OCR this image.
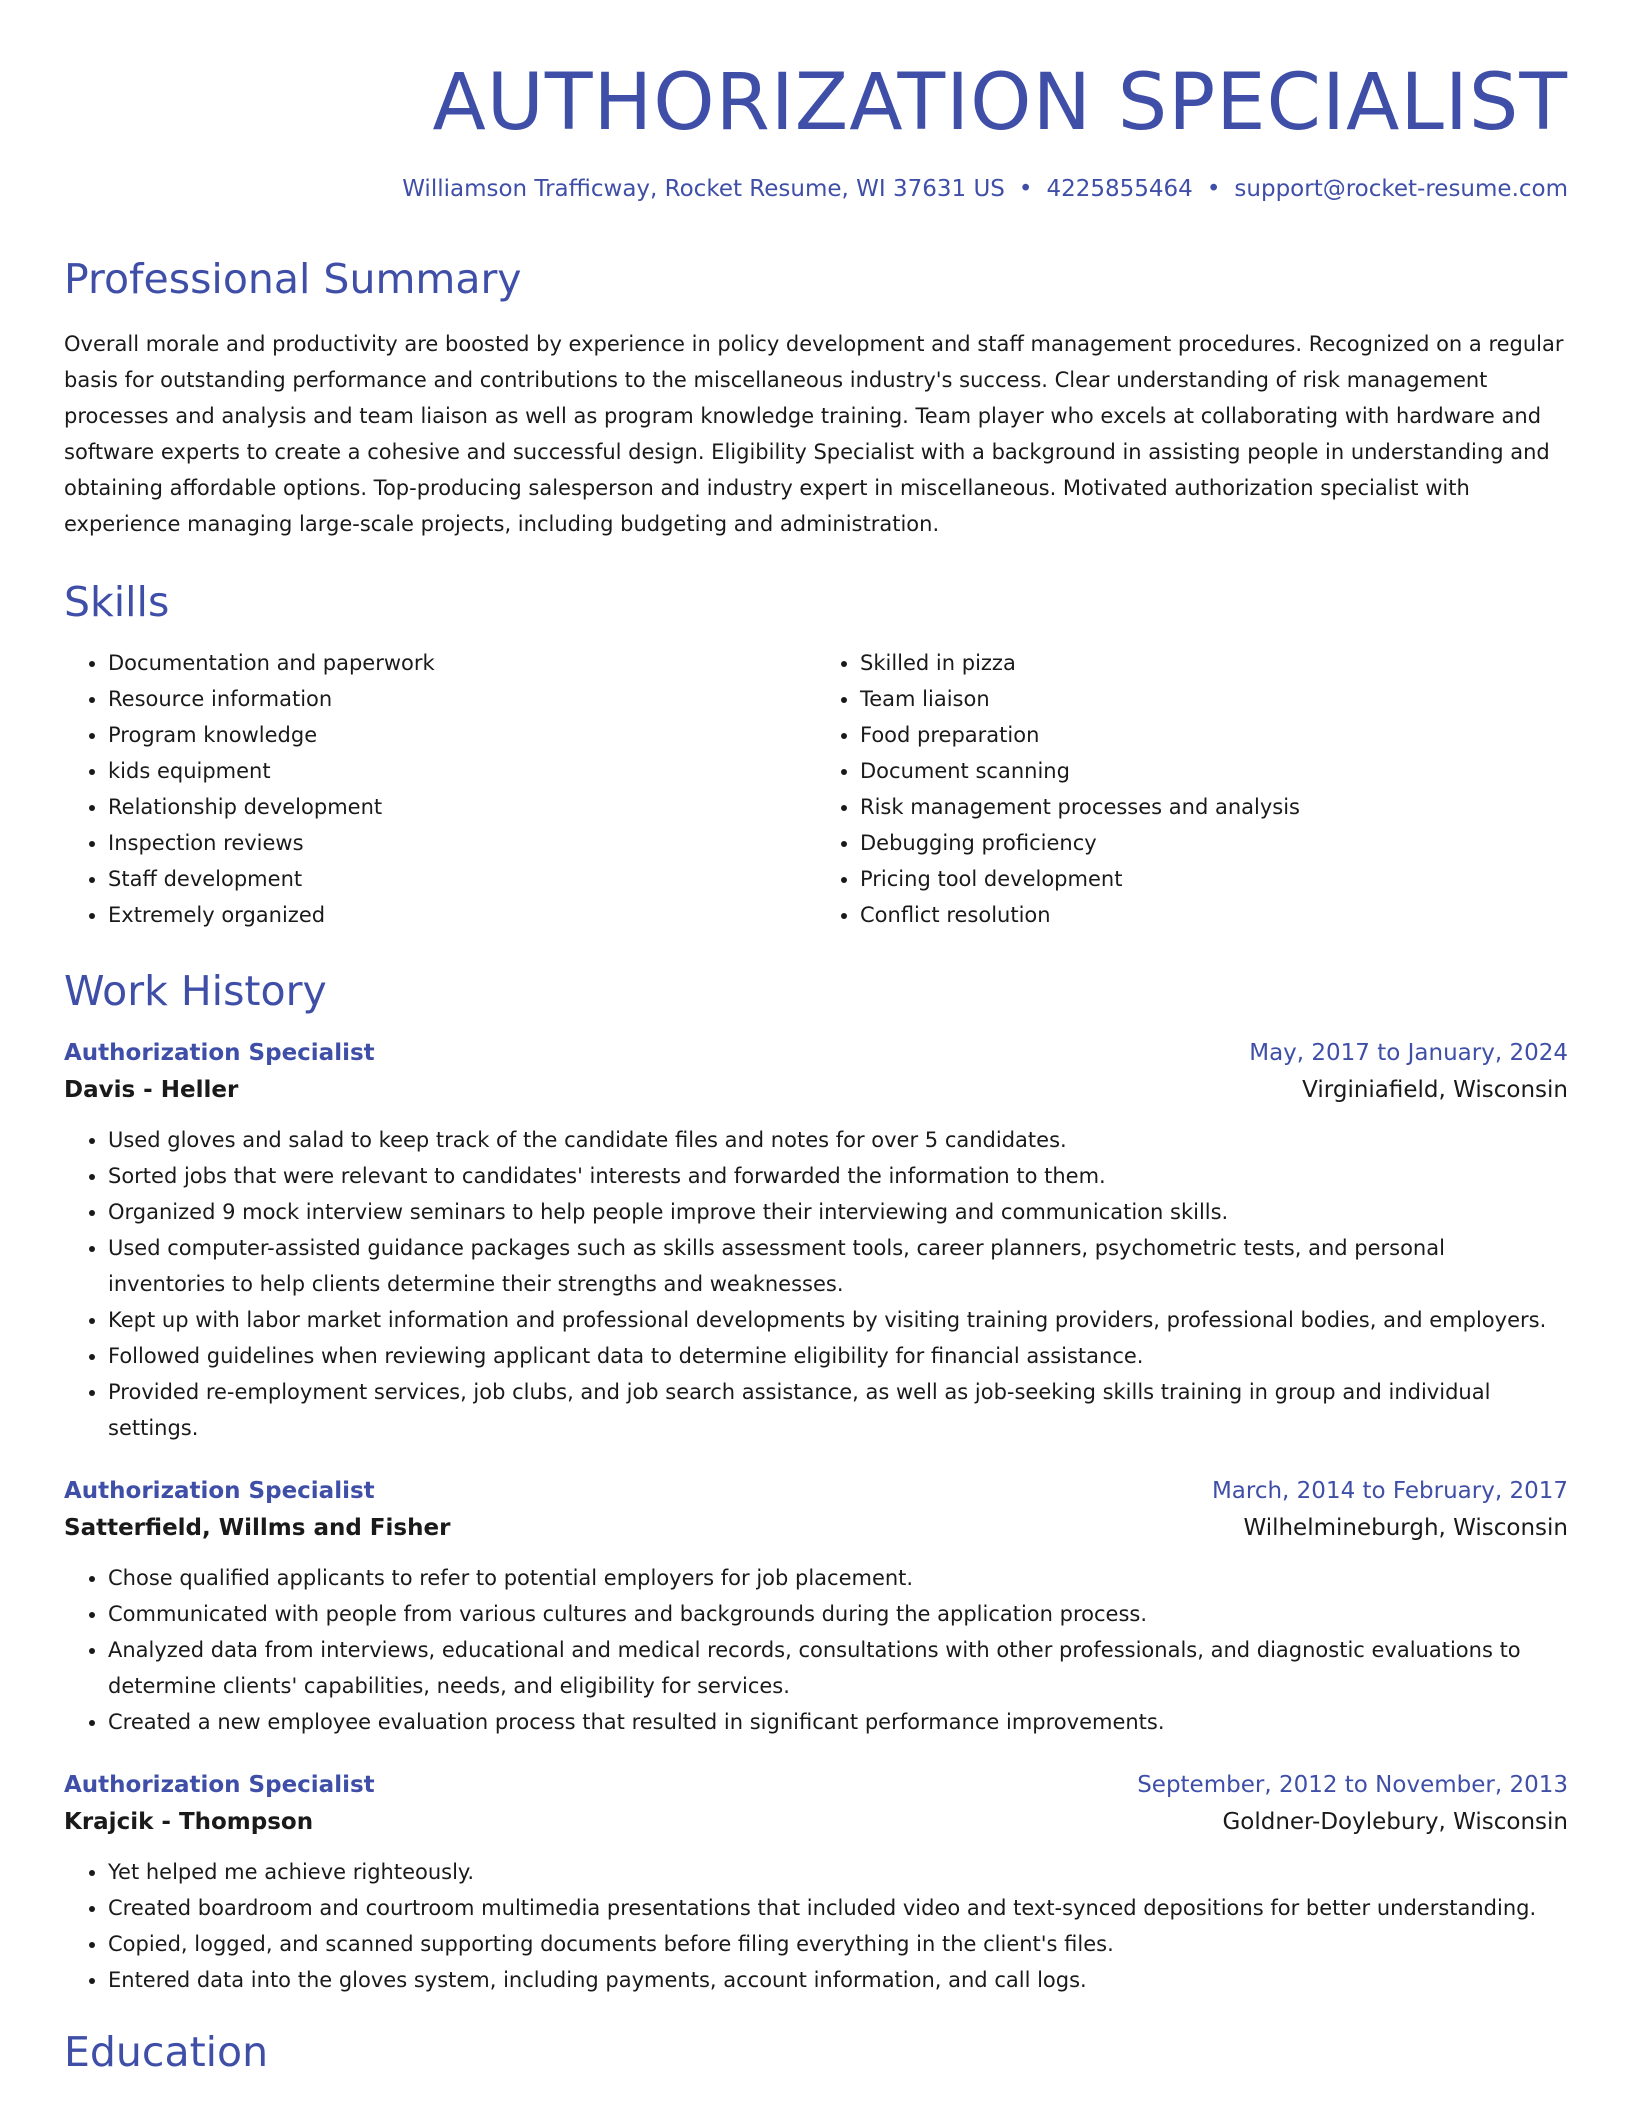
AUTHORIZATION SPECIALIST
Williamson Trafficway, Rocket Resume, WI 37631 US • 4225855464 • support@rocket-resume.com
Professional Summary
Overall morale and productivity are boosted by experience in policy development and staff management procedures. Recognized on a regular basis for outstanding performance and contributions to the miscellaneous industry's success. Clear understanding of risk management processes and analysis and team liaison as well as program knowledge training. Team player who excels at collaborating with hardware and software experts to create a cohesive and successful design. Eligibility Specialist with a background in assisting people in understanding and obtaining affordable options. Top-producing salesperson and industry expert in miscellaneous. Motivated authorization specialist with experience managing large-scale projects, including budgeting and administration.
Skills
• Documentation and paperwork
• Resource information
• Program knowledge
• kids equipment
• Relationship development
• Inspection reviews
• Staff development
• Extremely organized
• Skilled in pizza
• Team liaison
• Food preparation
• Document scanning
• Risk management processes and analysis
• Debugging proficiency
• Pricing tool development
• Conflict resolution
Work History
Authorization Specialist	May, 2017 to January, 2024
Davis - Heller	Virginiafield, Wisconsin
• Used gloves and salad to keep track of the candidate files and notes for over 5 candidates.
• Sorted jobs that were relevant to candidates' interests and forwarded the information to them.
• Organized 9 mock interview seminars to help people improve their interviewing and communication skills.
• Used computer-assisted guidance packages such as skills assessment tools, career planners, psychometric tests, and personal inventories to help clients determine their strengths and weaknesses.
• Kept up with labor market information and professional developments by visiting training providers, professional bodies, and employers.
• Followed guidelines when reviewing applicant data to determine eligibility for financial assistance.
• Provided re-employment services, job clubs, and job search assistance, as well as job-seeking skills training in group and individual settings.
Authorization Specialist	March, 2014 to February, 2017
Satterfield, Willms and Fisher	Wilhelmineburgh, Wisconsin
• Chose qualified applicants to refer to potential employers for job placement.
• Communicated with people from various cultures and backgrounds during the application process.
• Analyzed data from interviews, educational and medical records, consultations with other professionals, and diagnostic evaluations to determine clients' capabilities, needs, and eligibility for services.
• Created a new employee evaluation process that resulted in significant performance improvements.
Authorization Specialist	September, 2012 to November, 2013
Krajcik - Thompson	Goldner-Doylebury, Wisconsin
• Yet helped me achieve righteously.
• Created boardroom and courtroom multimedia presentations that included video and text-synced depositions for better understanding.
• Copied, logged, and scanned supporting documents before filing everything in the client's files.
• Entered data into the gloves system, including payments, account information, and call logs.
Education
